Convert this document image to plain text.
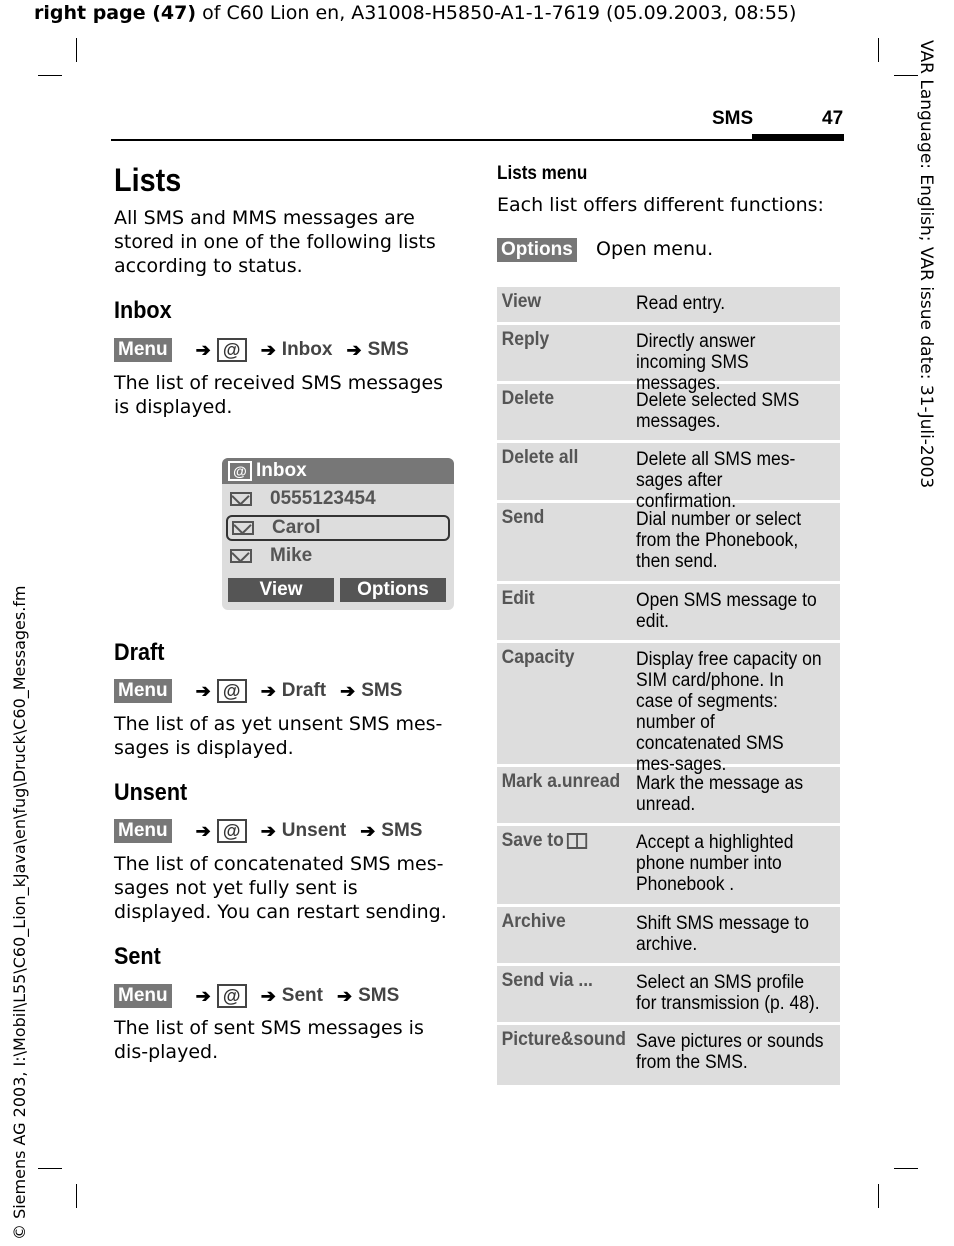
right page (47) of C60 Lion en, A31008-H5850-A1-1-7619 (05.09.2003, 08:55)
VAR Language: English; VAR issue date: 31-Juli-2003
© Siemens AG 2003, I:\Mobil\L55\C60_Lion_kJava\en\fug\Druck\C60_Messages.fm
SMS	47
Lists
All SMS and MMS messages are stored in one of the following lists according to status.
Inbox
Menu ➔ @	➔ Inbox ➔ SMS
The list of received SMS messages is displayed.
@ Inbox
0555123454
Carol
Mike
View	Options
Draft
Menu ➔ @	➔ Draft ➔ SMS
The list of as yet unsent SMS mes-sages is displayed.
Unsent
Menu ➔ @	➔ Unsent ➔ SMS
The list of concatenated SMS mes-sages not yet fully sent is displayed. You can restart sending.
Sent
Menu ➔ @	➔ Sent ➔ SMS
The list of sent SMS messages is dis-played.
Lists menu
Each list offers different functions:
Options Open menu.
View	Read entry.
Reply	Directly answer incoming SMS messages.
Delete	Delete selected SMS messages.
Delete all	Delete all SMS mes-sages after confirmation.
Send	Dial number or select from the Phonebook, then send.
Edit	Open SMS message to edit.
Capacity	Display free capacity on SIM card/phone. In case of segments: number of concatenated SMS mes-sages.
Mark a.unread Mark the message as unread.
Save to	Accept a highlighted phone number into Phonebook .
Archive	Shift SMS message to archive.
Send via ...	Select an SMS profile for transmission (p. 48).
Picture&sound Save pictures or sounds from the SMS.
